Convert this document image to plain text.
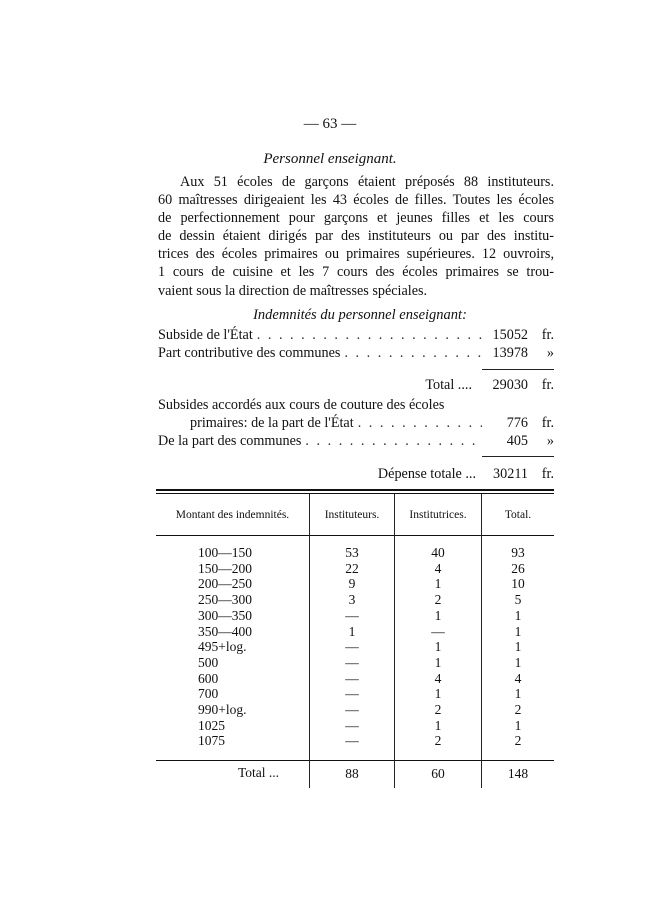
— 63 —
Personnel enseignant.
Aux 51 écoles de garçons étaient préposés 88 instituteurs.
60 maîtresses dirigeaient les 43 écoles de filles. Toutes les écoles
de perfectionnement pour garçons et jeunes filles et les cours
de dessin étaient dirigés par des instituteurs ou par des institu-
trices des écoles primaires ou primaires supérieures. 12 ouvroirs,
1 cours de cuisine et les 7 cours des écoles primaires se trou-
vaient sous la direction de maîtresses spéciales.
Indemnités du personnel enseignant:
Subside de l'État . . .	15052 fr.
Part contributive des communes . . .	13978	»
Total ....	29030 fr.
Subsides accordés aux cours de couture des écoles
primaires: de la part de l'État . . .	776 fr.
De la part des communes . . .	405	»
Dépense totale ...	30211 fr.
Montant des indemnités.	Instituteurs.	Institutrices.	Total.
100—150	53	40	93
150—200	22	4	26
200—250	9	1	10
250—300	3	2	5
300—350	—	1	1
350—400	1	—	1
495+log.	—	1	1
500	—	1	1
600	—	4	4
700	—	1	1
990+log.	—	2	2
1025	—	1	1
1075	—	2	2
Total ...	88	60	148
